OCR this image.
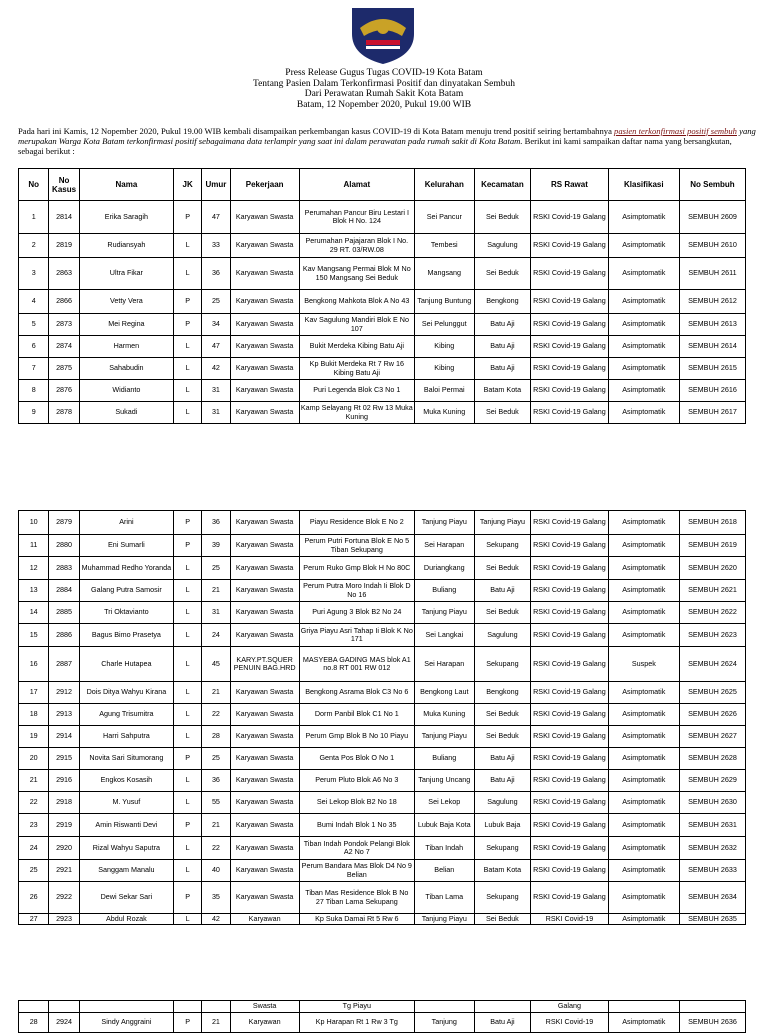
Press Release Gugus Tugas COVID-19 Kota Batam
Tentang Pasien Dalam Terkonfirmasi Positif dan dinyatakan Sembuh
Dari Perawatan Rumah Sakit Kota Batam
Batam, 12 Nopember 2020, Pukul 19.00 WIB
Pada hari ini Kamis, 12 Nopember 2020, Pukul 19.00 WIB kembali disampaikan perkembangan kasus COVID-19 di Kota Batam menuju trend positif seiring bertambahnya pasien terkonfirmasi positif sembuh yang merupakan Warga Kota Batam terkonfirmasi positif sebagaimana data terlampir yang saat ini dalam perawatan pada rumah sakit di Kota Batam. Berikut ini kami sampaikan daftar nama yang bersangkutan, sebagai berikut :
No	No Kasus	Nama	JK	Umur	Pekerjaan	Alamat	Kelurahan	Kecamatan	RS Rawat	Klasifikasi	No Sembuh
1	2814	Erika Saragih	P	47	Karyawan Swasta	Perumahan Pancur Biru Lestari I Blok H No. 124	Sei Pancur	Sei Beduk	RSKI Covid-19 Galang	Asimptomatik	SEMBUH 2609
2	2819	Rudiansyah	L	33	Karyawan Swasta	Perumahan Pajajaran Blok I No. 29 RT. 03/RW.08	Tembesi	Sagulung	RSKI Covid-19 Galang	Asimptomatik	SEMBUH 2610
3	2863	Ultra Fikar	L	36	Karyawan Swasta	Kav Mangsang Permai Blok M No 150 Mangsang Sei Beduk	Mangsang	Sei Beduk	RSKI Covid-19 Galang	Asimptomatik	SEMBUH 2611
4	2866	Vetty Vera	P	25	Karyawan Swasta	Bengkong Mahkota Blok A No 43	Tanjung Buntung	Bengkong	RSKI Covid-19 Galang	Asimptomatik	SEMBUH 2612
5	2873	Mei Regina	P	34	Karyawan Swasta	Kav Sagulung Mandiri Blok E No 107	Sei Pelunggut	Batu Aji	RSKI Covid-19 Galang	Asimptomatik	SEMBUH 2613
6	2874	Harmen	L	47	Karyawan Swasta	Bukit Merdeka Kibing Batu Aji	Kibing	Batu Aji	RSKI Covid-19 Galang	Asimptomatik	SEMBUH 2614
7	2875	Sahabudin	L	42	Karyawan Swasta	Kp Bukit Merdeka Rt 7 Rw 16 Kibing Batu Aji	Kibing	Batu Aji	RSKI Covid-19 Galang	Asimptomatik	SEMBUH 2615
8	2876	Widianto	L	31	Karyawan Swasta	Puri Legenda Blok C3 No 1	Baloi Permai	Batam Kota	RSKI Covid-19 Galang	Asimptomatik	SEMBUH 2616
9	2878	Sukadi	L	31	Karyawan Swasta	Kamp Selayang Rt 02 Rw 13 Muka Kuning	Muka Kuning	Sei Beduk	RSKI Covid-19 Galang	Asimptomatik	SEMBUH 2617
10	2879	Arini	P	36	Karyawan Swasta	Piayu Residence Blok E No 2	Tanjung Piayu	Tanjung Piayu	RSKI Covid-19 Galang	Asimptomatik	SEMBUH 2618
11	2880	Eni Sumarli	P	39	Karyawan Swasta	Perum Putri Fortuna Blok E No 5 Tiban Sekupang	Sei Harapan	Sekupang	RSKI Covid-19 Galang	Asimptomatik	SEMBUH 2619
12	2883	Muhammad Redho Yoranda	L	25	Karyawan Swasta	Perum Ruko Gmp Blok H No 80C	Duriangkang	Sei Beduk	RSKI Covid-19 Galang	Asimptomatik	SEMBUH 2620
13	2884	Galang Putra Samosir	L	21	Karyawan Swasta	Perum Putra Moro Indah Ii Blok D No 16	Buliang	Batu Aji	RSKI Covid-19 Galang	Asimptomatik	SEMBUH 2621
14	2885	Tri Oktavianto	L	31	Karyawan Swasta	Puri Agung 3 Blok B2 No 24	Tanjung Piayu	Sei Beduk	RSKI Covid-19 Galang	Asimptomatik	SEMBUH 2622
15	2886	Bagus Bimo Prasetya	L	24	Karyawan Swasta	Griya Piayu Asri Tahap Ii Blok K No 171	Sei Langkai	Sagulung	RSKI Covid-19 Galang	Asimptomatik	SEMBUH 2623
16	2887	Charle Hutapea	L	45	KARY.PT.SQUER PENUIN BAG.HRD	MASYEBA GADING MAS blok A1 no.8 RT 001 RW 012	Sei Harapan	Sekupang	RSKI Covid-19 Galang	Suspek	SEMBUH 2624
17	2912	Dois Ditya Wahyu Kirana	L	21	Karyawan Swasta	Bengkong Asrama Blok C3 No 6	Bengkong Laut	Bengkong	RSKI Covid-19 Galang	Asimptomatik	SEMBUH 2625
18	2913	Agung Trisumitra	L	22	Karyawan Swasta	Dorm Panbil Blok C1 No 1	Muka Kuning	Sei Beduk	RSKI Covid-19 Galang	Asimptomatik	SEMBUH 2626
19	2914	Harri Sahputra	L	28	Karyawan Swasta	Perum Gmp Blok B No 10 Piayu	Tanjung Piayu	Sei Beduk	RSKI Covid-19 Galang	Asimptomatik	SEMBUH 2627
20	2915	Novita Sari Situmorang	P	25	Karyawan Swasta	Genta Pos Blok O No 1	Buliang	Batu Aji	RSKI Covid-19 Galang	Asimptomatik	SEMBUH 2628
21	2916	Engkos Kosasih	L	36	Karyawan Swasta	Perum Pluto Blok A6 No 3	Tanjung Uncang	Batu Aji	RSKI Covid-19 Galang	Asimptomatik	SEMBUH 2629
22	2918	M. Yusuf	L	55	Karyawan Swasta	Sei Lekop Blok B2 No 18	Sei Lekop	Sagulung	RSKI Covid-19 Galang	Asimptomatik	SEMBUH 2630
23	2919	Amin Riswanti Devi	P	21	Karyawan Swasta	Bumi Indah Blok 1 No 35	Lubuk Baja Kota	Lubuk Baja	RSKI Covid-19 Galang	Asimptomatik	SEMBUH 2631
24	2920	Rizal Wahyu Saputra	L	22	Karyawan Swasta	Tiban Indah Pondok Pelangi Blok A2 No 7	Tiban Indah	Sekupang	RSKI Covid-19 Galang	Asimptomatik	SEMBUH 2632
25	2921	Sanggam Manalu	L	40	Karyawan Swasta	Perum Bandara Mas Blok D4 No 9 Belian	Belian	Batam Kota	RSKI Covid-19 Galang	Asimptomatik	SEMBUH 2633
26	2922	Dewi Sekar Sari	P	35	Karyawan Swasta	Tiban Mas Residence Blok B No 27 Tiban Lama Sekupang	Tiban Lama	Sekupang	RSKI Covid-19 Galang	Asimptomatik	SEMBUH 2634
27	2923	Abdul Rozak	L	42	Karyawan	Kp Suka Damai Rt 5 Rw 6	Tanjung Piayu	Sei Beduk	RSKI Covid-19	Asimptomatik	SEMBUH 2635
					Swasta	Tg Piayu			Galang		
28	2924	Sindy Anggraini	P	21	Karyawan	Kp Harapan Rt 1 Rw 3 Tg	Tanjung	Batu Aji	RSKI Covid-19	Asimptomatik	SEMBUH 2636
